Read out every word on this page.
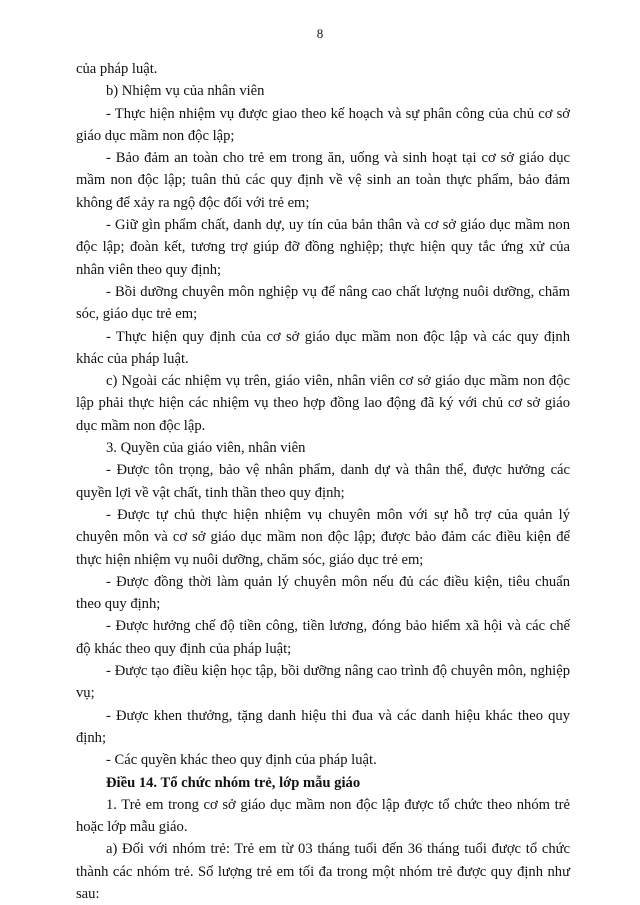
8

của pháp luật.

b) Nhiệm vụ của nhân viên

- Thực hiện nhiệm vụ được giao theo kế hoạch và sự phân công của chủ cơ sở giáo dục mầm non độc lập;

- Bảo đảm an toàn cho trẻ em trong ăn, uống và sinh hoạt tại cơ sở giáo dục mầm non độc lập; tuân thủ các quy định về vệ sinh an toàn thực phẩm, bảo đảm không để xảy ra ngộ độc đối với trẻ em;

- Giữ gìn phẩm chất, danh dự, uy tín của bản thân và cơ sở giáo dục mầm non độc lập; đoàn kết, tương trợ giúp đỡ đồng nghiệp; thực hiện quy tắc ứng xử của nhân viên theo quy định;

- Bồi dưỡng chuyên môn nghiệp vụ để nâng cao chất lượng nuôi dưỡng, chăm sóc, giáo dục trẻ em;

- Thực hiện quy định của cơ sở giáo dục mầm non độc lập và các quy định khác của pháp luật.

c) Ngoài các nhiệm vụ trên, giáo viên, nhân viên cơ sở giáo dục mầm non độc lập phải thực hiện các nhiệm vụ theo hợp đồng lao động đã ký với chủ cơ sở giáo dục mầm non độc lập.

3. Quyền của giáo viên, nhân viên

- Được tôn trọng, bảo vệ nhân phẩm, danh dự và thân thể, được hưởng các quyền lợi về vật chất, tinh thần theo quy định;

- Được tự chủ thực hiện nhiệm vụ chuyên môn với sự hỗ trợ của quản lý chuyên môn và cơ sở giáo dục mầm non độc lập; được bảo đảm các điều kiện để thực hiện nhiệm vụ nuôi dưỡng, chăm sóc, giáo dục trẻ em;

- Được đồng thời làm quản lý chuyên môn nếu đủ các điều kiện, tiêu chuẩn theo quy định;

- Được hưởng chế độ tiền công, tiền lương, đóng bảo hiểm xã hội và các chế độ khác theo quy định của pháp luật;

- Được tạo điều kiện học tập, bồi dưỡng nâng cao trình độ chuyên môn, nghiệp vụ;

- Được khen thưởng, tặng danh hiệu thi đua và các danh hiệu khác theo quy định;

- Các quyền khác theo quy định của pháp luật.

Điều 14. Tổ chức nhóm trẻ, lớp mẫu giáo

1. Trẻ em trong cơ sở giáo dục mầm non độc lập được tổ chức theo nhóm trẻ hoặc lớp mẫu giáo.

a) Đối với nhóm trẻ: Trẻ em từ 03 tháng tuổi đến 36 tháng tuổi được tổ chức thành các nhóm trẻ. Số lượng trẻ em tối đa trong một nhóm trẻ được quy định như sau:
